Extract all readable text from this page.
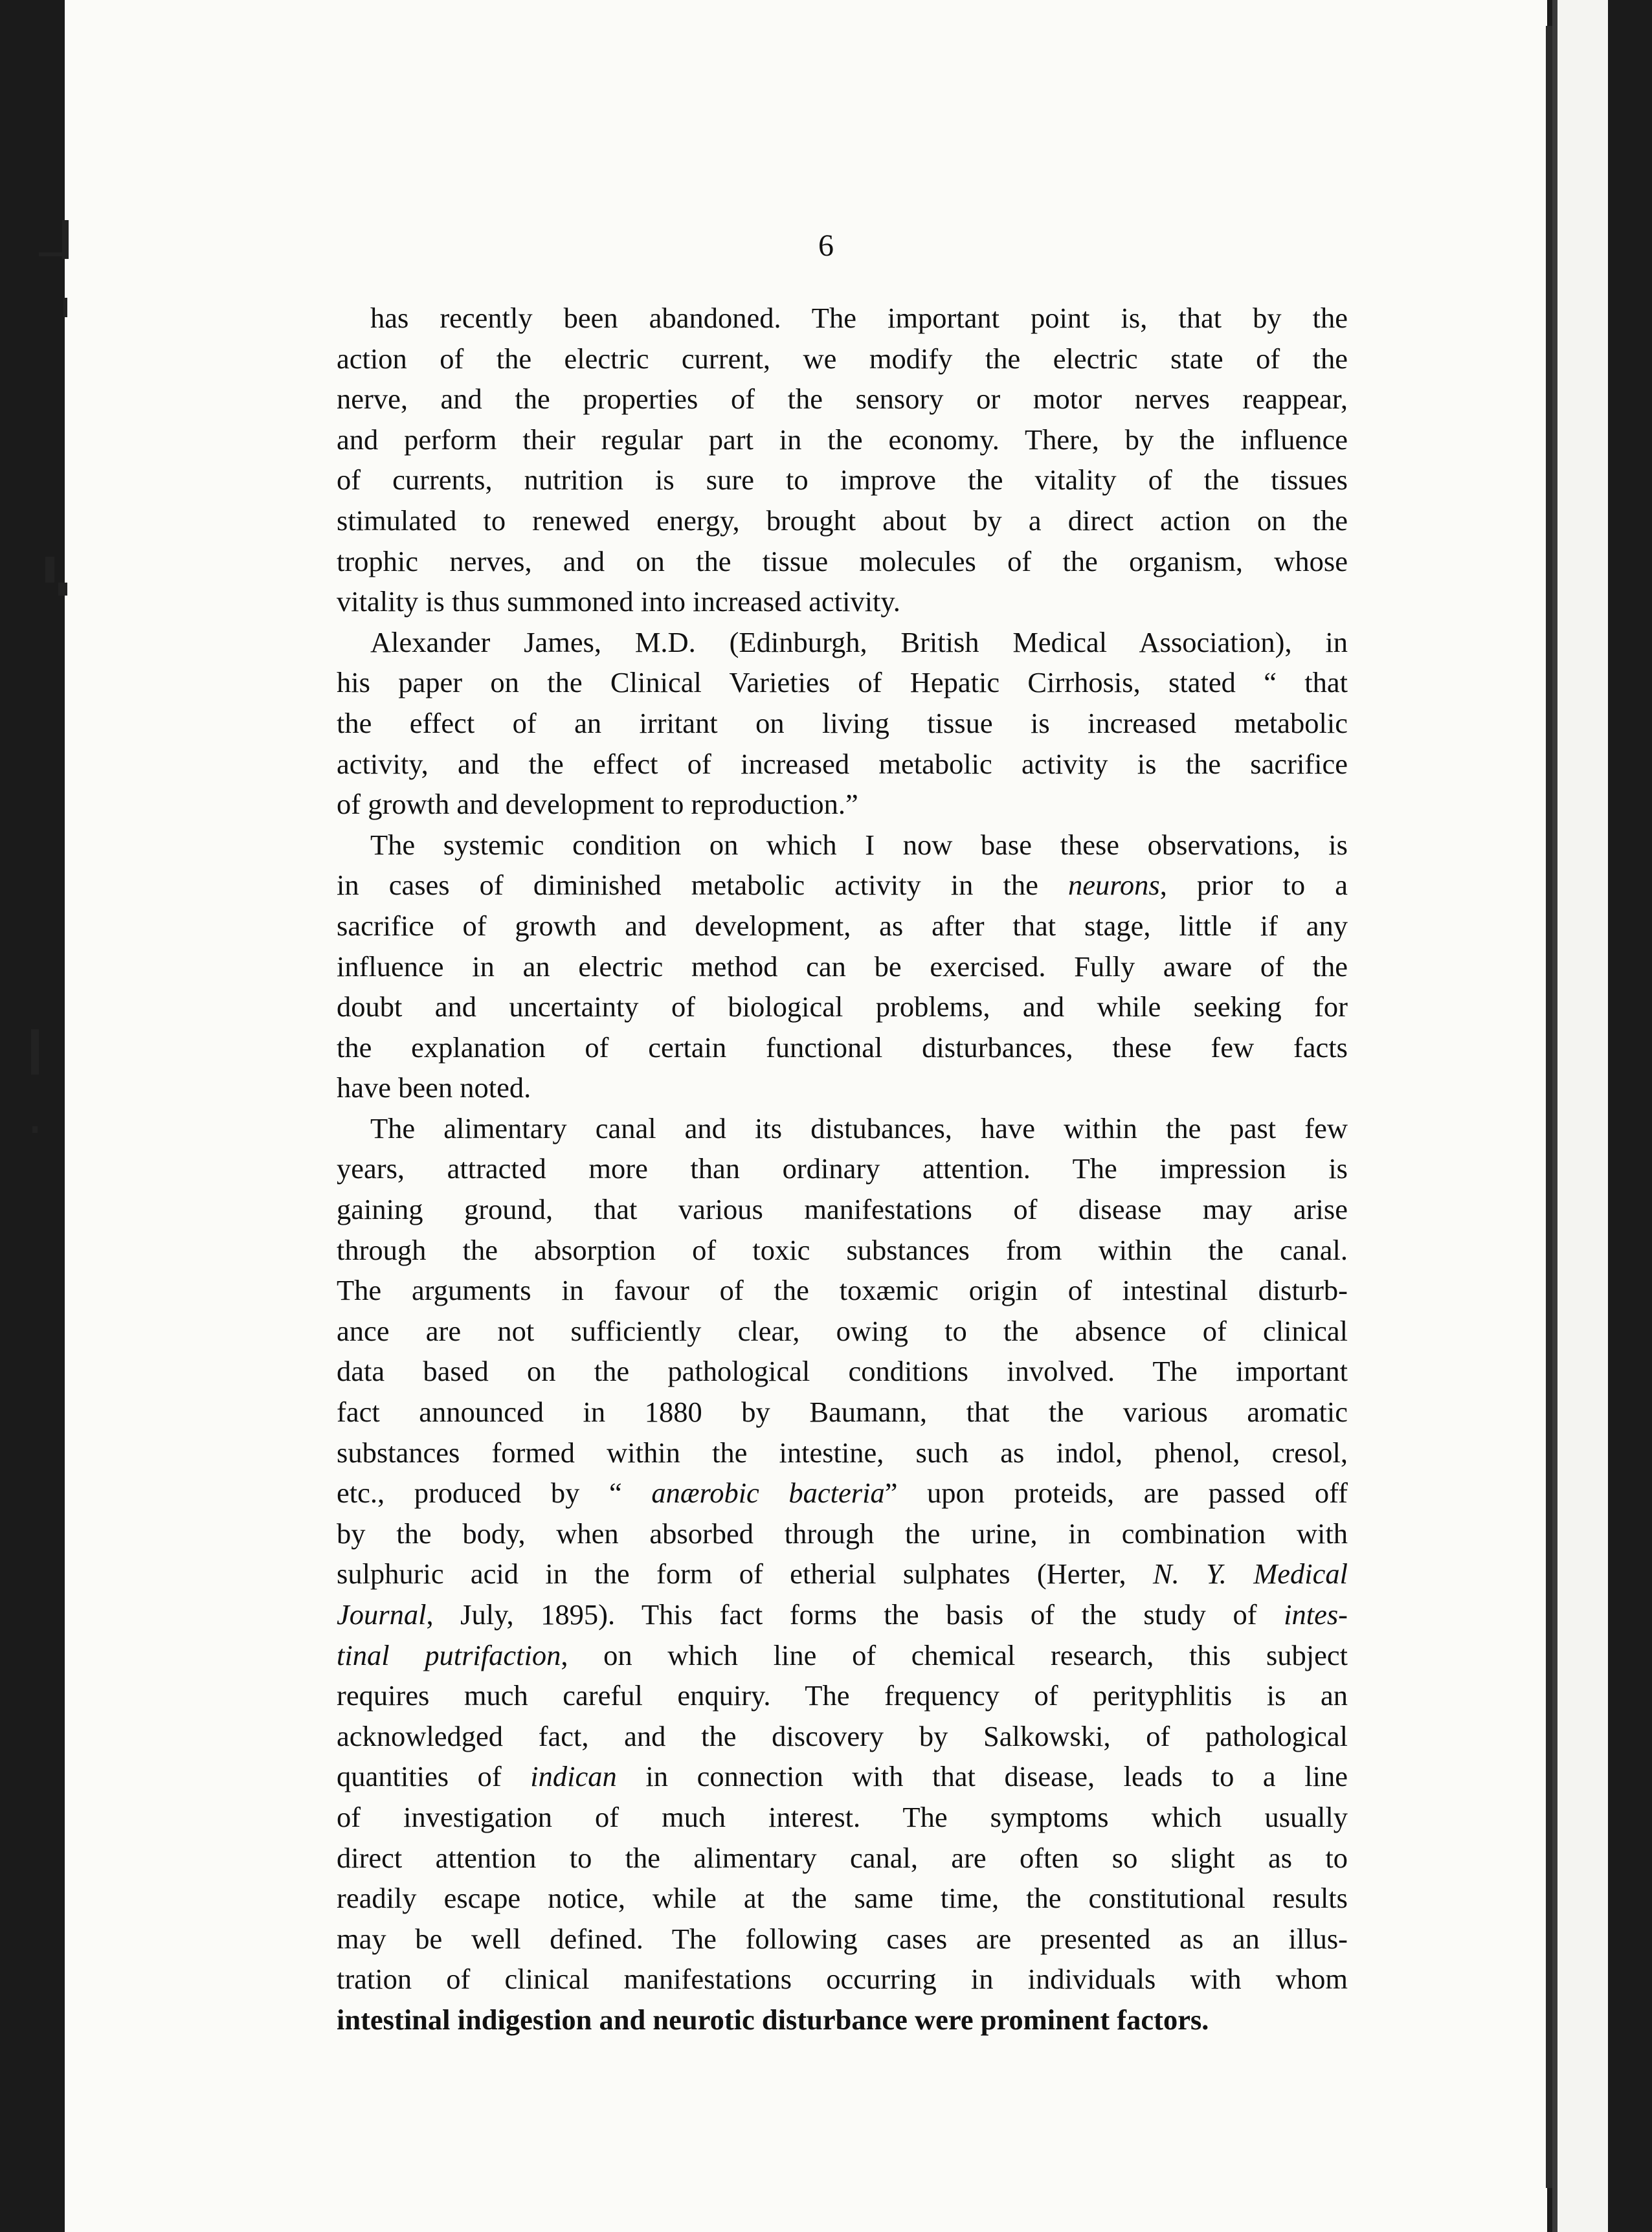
6
has recently been abandoned. The important point is, that by the
action of the electric current, we modify the electric state of the
nerve, and the properties of the sensory or motor nerves reappear,
and perform their regular part in the economy. There, by the influence
of currents, nutrition is sure to improve the vitality of the tissues
stimulated to renewed energy, brought about by a direct action on the
trophic nerves, and on the tissue molecules of the organism, whose
vitality is thus summoned into increased activity.
Alexander James, M.D. (Edinburgh, British Medical Association), in
his paper on the Clinical Varieties of Hepatic Cirrhosis, stated “ that
the effect of an irritant on living tissue is increased metabolic
activity, and the effect of increased metabolic activity is the sacrifice
of growth and development to reproduction.”
The systemic condition on which I now base these observations, is
in cases of diminished metabolic activity in the neurons, prior to a
sacrifice of growth and development, as after that stage, little if any
influence in an electric method can be exercised. Fully aware of the
doubt and uncertainty of biological problems, and while seeking for
the explanation of certain functional disturbances, these few facts
have been noted.
The alimentary canal and its distubances, have within the past few
years, attracted more than ordinary attention. The impression is
gaining ground, that various manifestations of disease may arise
through the absorption of toxic substances from within the canal.
The arguments in favour of the toxæmic origin of intestinal disturb-
ance are not sufficiently clear, owing to the absence of clinical
data based on the pathological conditions involved. The important
fact announced in 1880 by Baumann, that the various aromatic
substances formed within the intestine, such as indol, phenol, cresol,
etc., produced by “ anærobic bacteria” upon proteids, are passed off
by the body, when absorbed through the urine, in combination with
sulphuric acid in the form of etherial sulphates (Herter, N. Y. Medical
Journal, July, 1895). This fact forms the basis of the study of intes-
tinal putrifaction, on which line of chemical research, this subject
requires much careful enquiry. The frequency of perityphlitis is an
acknowledged fact, and the discovery by Salkowski, of pathological
quantities of indican in connection with that disease, leads to a line
of investigation of much interest. The symptoms which usually
direct attention to the alimentary canal, are often so slight as to
readily escape notice, while at the same time, the constitutional results
may be well defined. The following cases are presented as an illus-
tration of clinical manifestations occurring in individuals with whom
intestinal indigestion and neurotic disturbance were prominent factors.
